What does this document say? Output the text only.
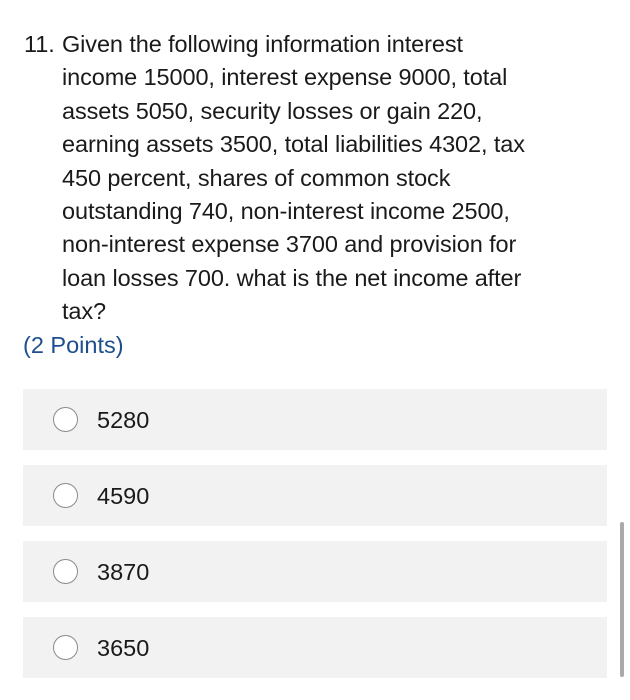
11. Given the following information interest
income 15000, interest expense 9000, total
assets 5050, security losses or gain 220,
earning assets 3500, total liabilities 4302, tax
450 percent, shares of common stock
outstanding 740, non-interest income 2500,
non-interest expense 3700 and provision for
loan losses 700. what is the net income after
tax?
(2 Points)
5280
4590
3870
3650
